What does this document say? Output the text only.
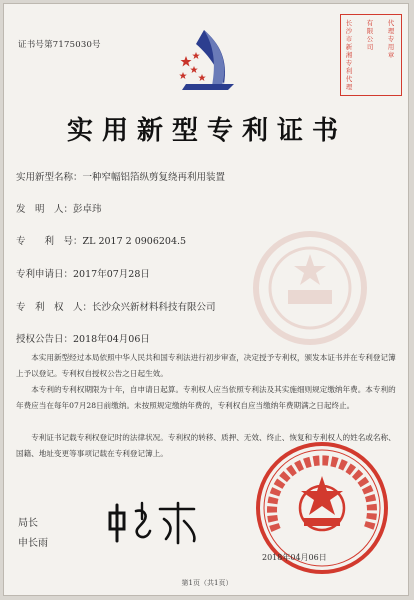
证书号第7175030号
长沙市新湘专利代理
有限公司
代理专用章
实用新型专利证书
实用新型名称：一种窄幅铝箔纵剪复绕再利用装置
发　明　人：彭卓玮
专　　利　号：ZL 2017 2 0906204.5
专利申请日：2017年07月28日
专　利　权　人：长沙众兴新材料科技有限公司
授权公告日：2018年04月06日
本实用新型经过本局依照中华人民共和国专利法进行初步审查，决定授予专利权，颁发本证书并在专利登记簿上予以登记。专利权自授权公告之日起生效。
本专利的专利权期限为十年，自申请日起算。专利权人应当依照专利法及其实施细则规定缴纳年费。本专利的年费应当在每年07月28日前缴纳。未按照规定缴纳年费的，专利权自应当缴纳年费期满之日起终止。
专利证书记载专利权登记时的法律状况。专利权的转移、质押、无效、终止、恢复和专利权人的姓名或名称、国籍、地址变更等事项记载在专利登记簿上。
局长
申长雨
2018年04月06日
第1页（共1页）
